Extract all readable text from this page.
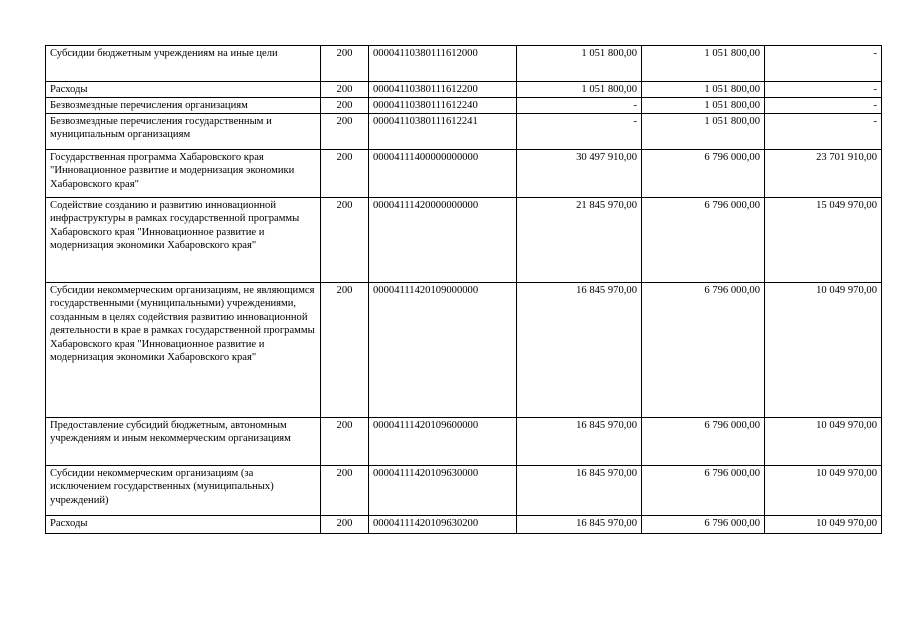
Субсидии бюджетным учреждениям на иные цели	200	00004110380111612000	1 051 800,00	1 051 800,00	-
Расходы	200	00004110380111612200	1 051 800,00	1 051 800,00	-
Безвозмездные перечисления организациям	200	00004110380111612240	-	1 051 800,00	-
Безвозмездные перечисления государственным и муниципальным организациям	200	00004110380111612241	-	1 051 800,00	-
Государственная программа Хабаровского края "Инновационное развитие и модернизация экономики Хабаровского края"	200	00004111400000000000	30 497 910,00	6 796 000,00	23 701 910,00
Содействие созданию и развитию инновационной инфраструктуры в рамках государственной программы Хабаровского края "Инновационное развитие и модернизация экономики Хабаровского края"	200	00004111420000000000	21 845 970,00	6 796 000,00	15 049 970,00
Субсидии некоммерческим организациям, не являющимся государственными (муниципальными) учреждениями, созданным в целях содействия развитию инновационной деятельности в крае в рамках государственной программы Хабаровского края "Инновационное развитие и модернизация экономики Хабаровского края"	200	00004111420109000000	16 845 970,00	6 796 000,00	10 049 970,00
Предоставление субсидий бюджетным, автономным учреждениям и иным некоммерческим организациям	200	00004111420109600000	16 845 970,00	6 796 000,00	10 049 970,00
Субсидии некоммерческим организациям (за исключением государственных (муниципальных) учреждений)	200	00004111420109630000	16 845 970,00	6 796 000,00	10 049 970,00
Расходы	200	00004111420109630200	16 845 970,00	6 796 000,00	10 049 970,00
